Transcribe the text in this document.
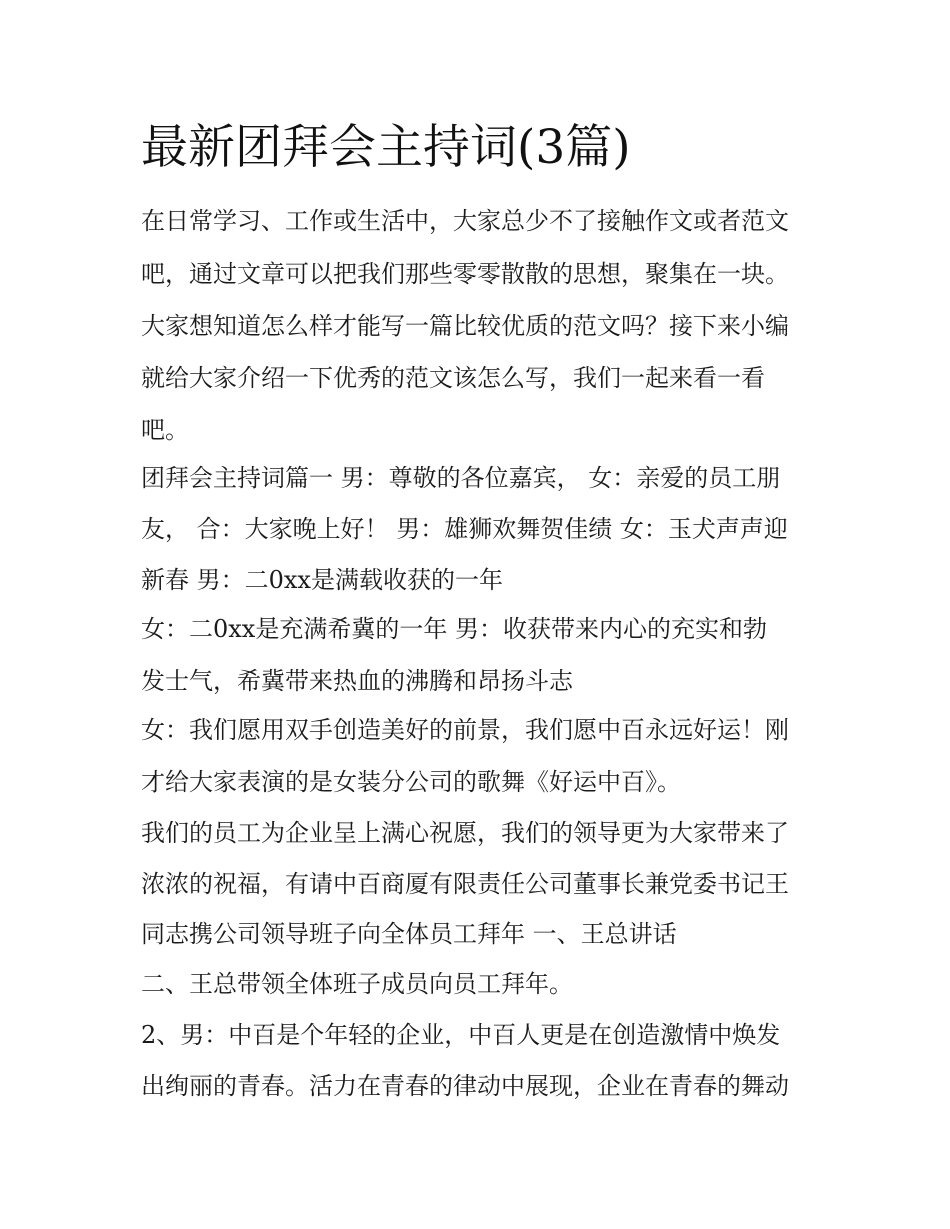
最新团拜会主持词(3篇)
在日常学习、工作或生活中，大家总少不了接触作文或者范文
吧，通过文章可以把我们那些零零散散的思想，聚集在一块。
大家想知道怎么样才能写一篇比较优质的范文吗？接下来小编
就给大家介绍一下优秀的范文该怎么写，我们一起来看一看
吧。
团拜会主持词篇一 男：尊敬的各位嘉宾， 女：亲爱的员工朋
友， 合：大家晚上好！ 男：雄狮欢舞贺佳绩 女：玉犬声声迎
新春 男：二0xx是满载收获的一年
女：二0xx是充满希冀的一年 男：收获带来内心的充实和勃
发士气，希冀带来热血的沸腾和昂扬斗志
女：我们愿用双手创造美好的前景，我们愿中百永远好运！刚
才给大家表演的是女装分公司的歌舞《好运中百》。
我们的员工为企业呈上满心祝愿，我们的领导更为大家带来了
浓浓的祝福，有请中百商厦有限责任公司董事长兼党委书记王
同志携公司领导班子向全体员工拜年 一、王总讲话
二、王总带领全体班子成员向员工拜年。
2、男：中百是个年轻的企业，中百人更是在创造激情中焕发
出绚丽的青春。活力在青春的律动中展现，企业在青春的舞动
